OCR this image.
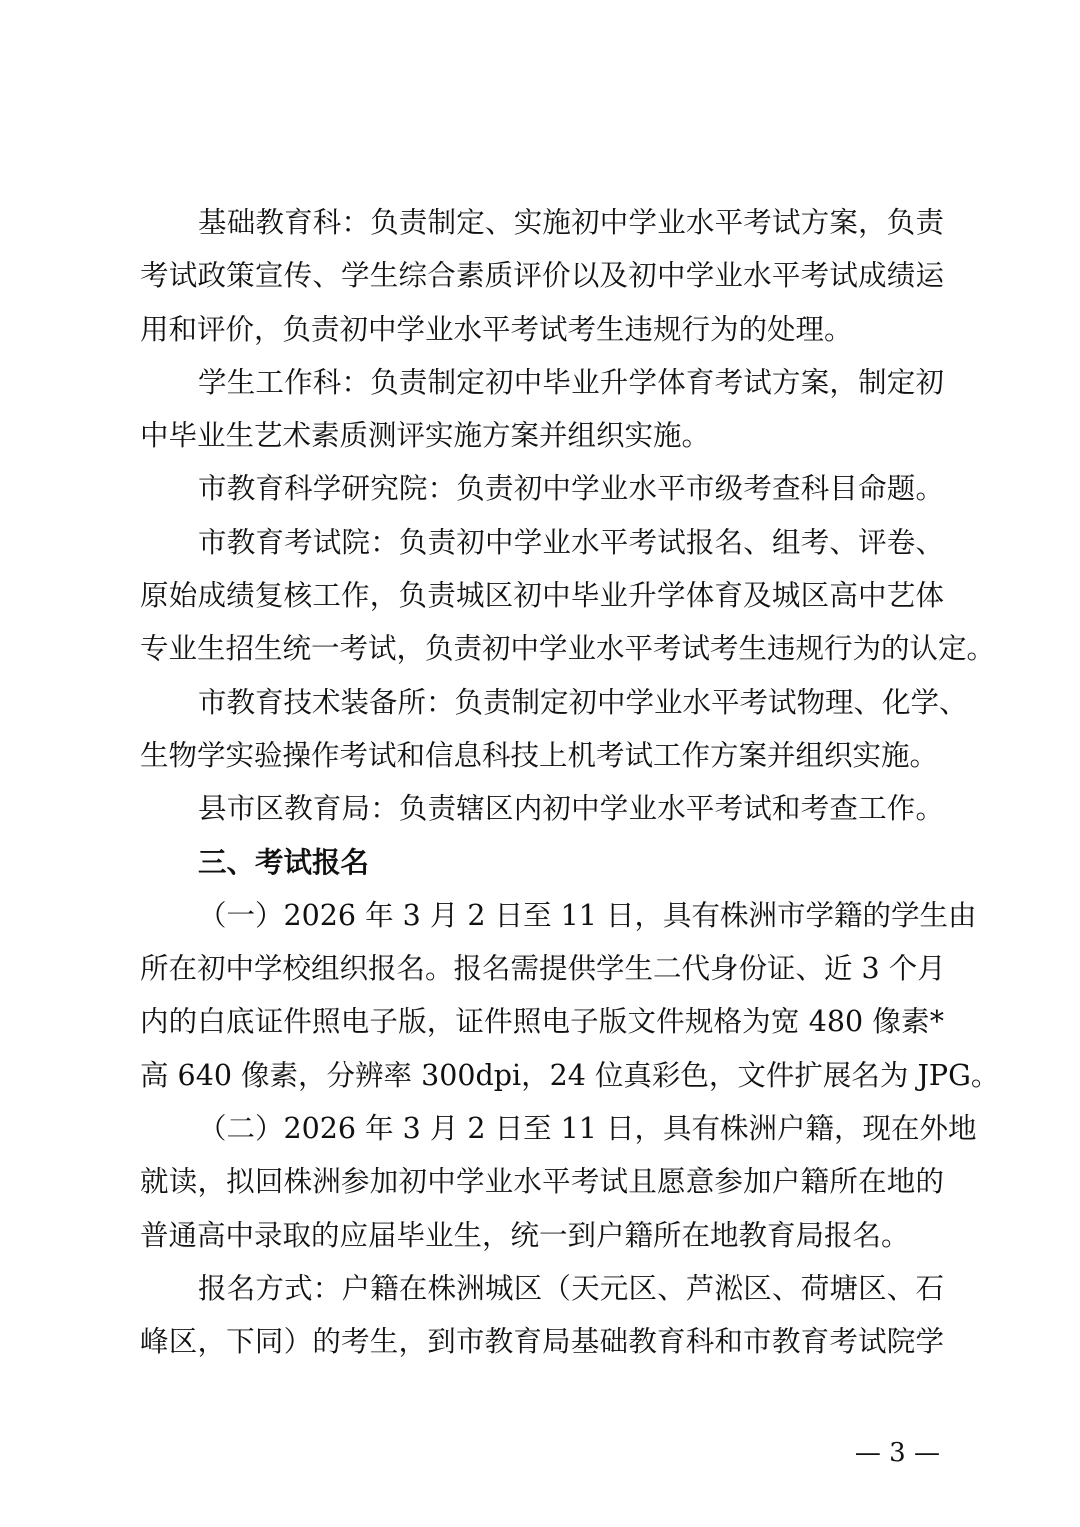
基础教育科：负责制定、实施初中学业水平考试方案，负责
考试政策宣传、学生综合素质评价以及初中学业水平考试成绩运
用和评价，负责初中学业水平考试考生违规行为的处理。
学生工作科：负责制定初中毕业升学体育考试方案，制定初
中毕业生艺术素质测评实施方案并组织实施。
市教育科学研究院：负责初中学业水平市级考查科目命题。
市教育考试院：负责初中学业水平考试报名、组考、评卷、
原始成绩复核工作，负责城区初中毕业升学体育及城区高中艺体
专业生招生统一考试，负责初中学业水平考试考生违规行为的认定。
市教育技术装备所：负责制定初中学业水平考试物理、化学、
生物学实验操作考试和信息科技上机考试工作方案并组织实施。
县市区教育局：负责辖区内初中学业水平考试和考查工作。
三、考试报名
（一）2026 年 3 月 2 日至 11 日，具有株洲市学籍的学生由
所在初中学校组织报名。报名需提供学生二代身份证、近 3 个月
内的白底证件照电子版，证件照电子版文件规格为宽 480 像素*
高 640 像素，分辨率 300dpi，24 位真彩色，文件扩展名为 JPG。
（二）2026 年 3 月 2 日至 11 日，具有株洲户籍，现在外地
就读，拟回株洲参加初中学业水平考试且愿意参加户籍所在地的
普通高中录取的应届毕业生，统一到户籍所在地教育局报名。
报名方式：户籍在株洲城区（天元区、芦淞区、荷塘区、石
峰区，下同）的考生，到市教育局基础教育科和市教育考试院学
— 3 —
